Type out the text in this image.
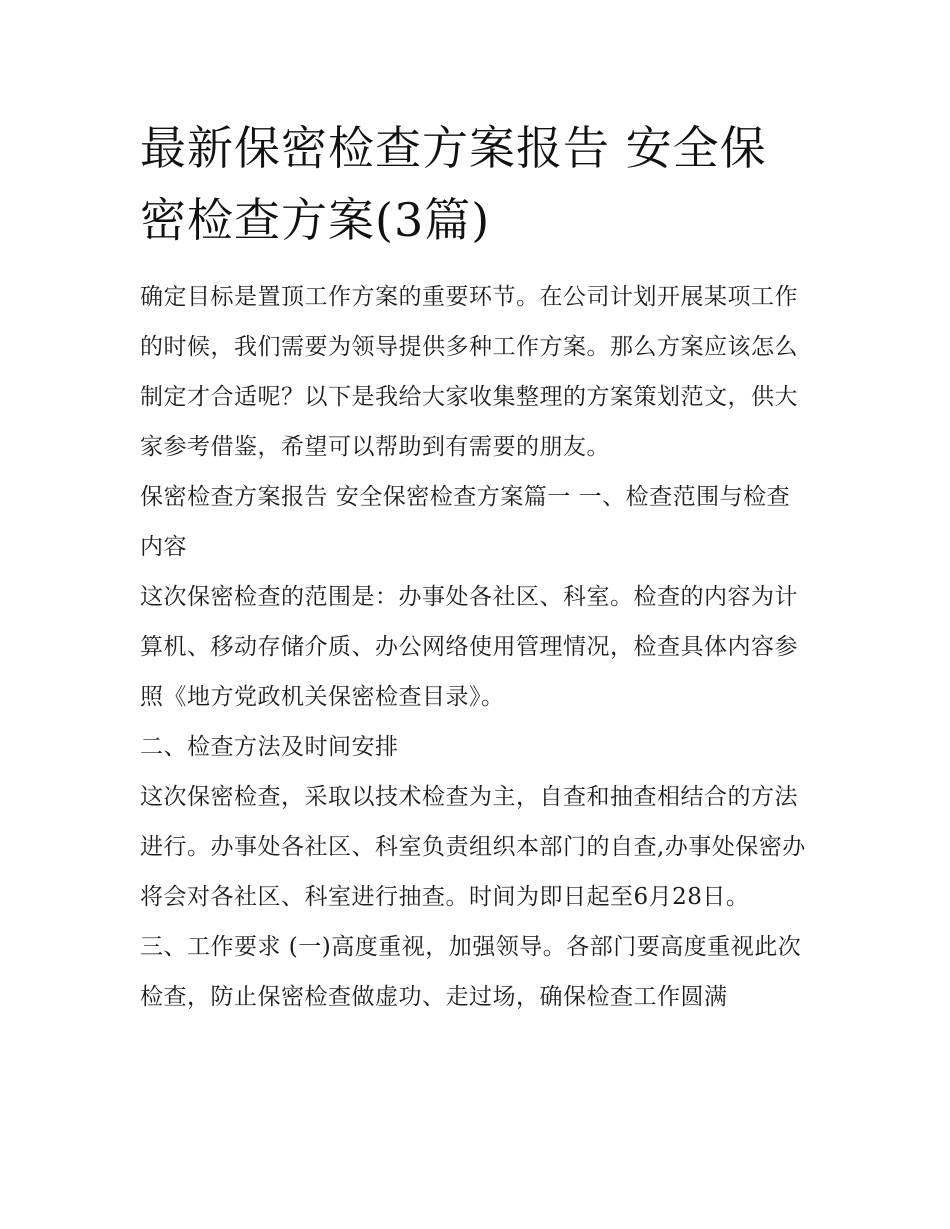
最新保密检查方案报告 安全保密检查方案(3篇)

确定目标是置顶工作方案的重要环节。在公司计划开展某项工作的时候，我们需要为领导提供多种工作方案。那么方案应该怎么制定才合适呢？以下是我给大家收集整理的方案策划范文，供大家参考借鉴，希望可以帮助到有需要的朋友。

保密检查方案报告 安全保密检查方案篇一 一、检查范围与检查内容

这次保密检查的范围是：办事处各社区、科室。检查的内容为计算机、移动存储介质、办公网络使用管理情况，检查具体内容参照《地方党政机关保密检查目录》。

二、检查方法及时间安排

这次保密检查，采取以技术检查为主，自查和抽查相结合的方法进行。办事处各社区、科室负责组织本部门的自查,办事处保密办将会对各社区、科室进行抽查。时间为即日起至6月28日。

三、工作要求 (一)高度重视，加强领导。各部门要高度重视此次检查，防止保密检查做虚功、走过场，确保检查工作圆满
